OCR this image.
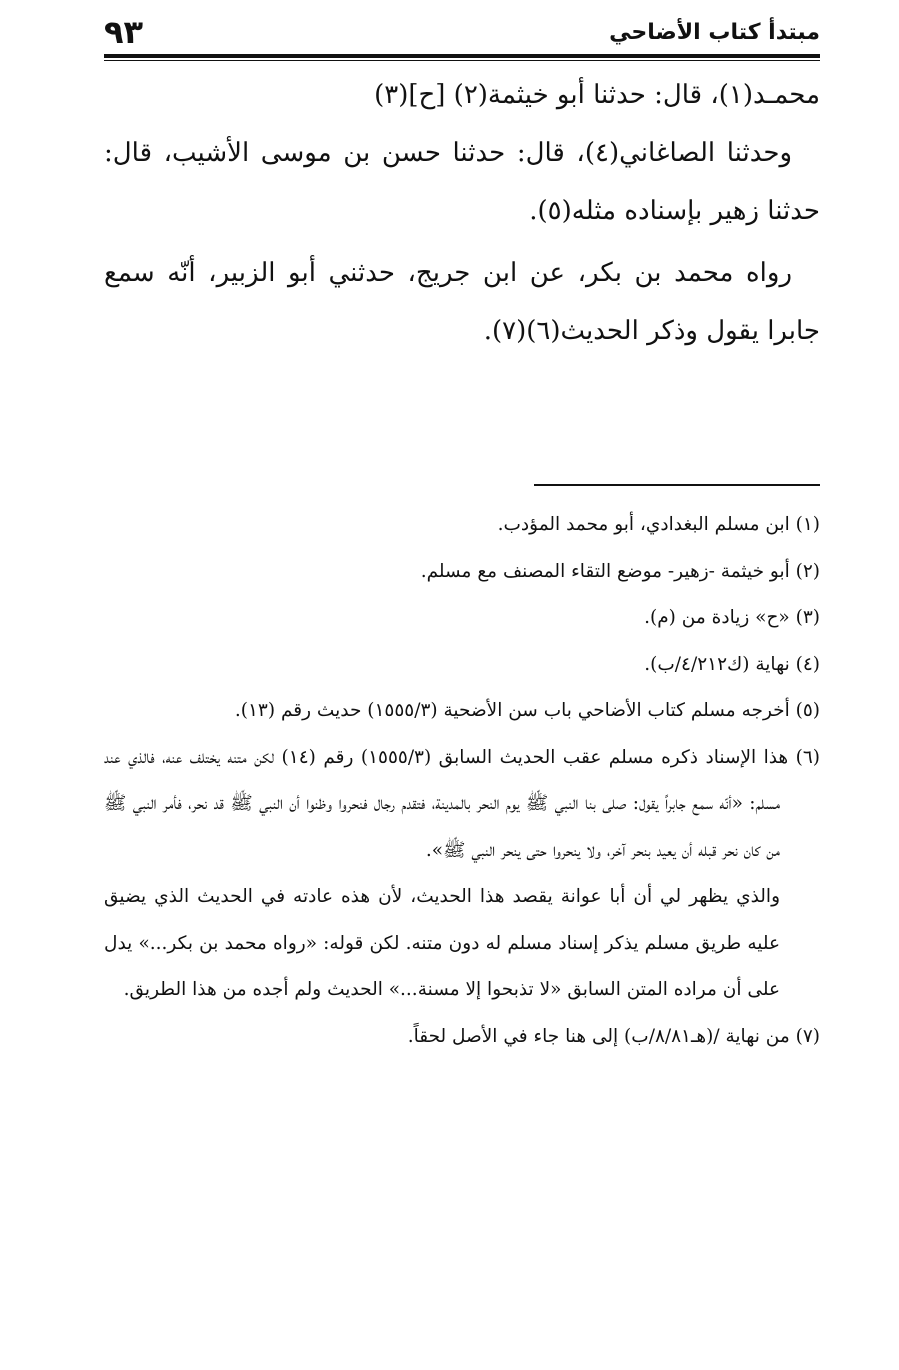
مبتدأ كتاب الأضاحي
٩٣

محمـد(١)، قال: حدثنا أبو خيثمة(٢) [ح](٣)

وحدثنا الصاغاني(٤)، قال: حدثنا حسن بن موسى الأشيب، قال: حدثنا زهير بإسناده مثله(٥).

رواه محمد بن بكر، عن ابن جريج، حدثني أبو الزبير، أنّه سمع جابرا يقول وذكر الحديث(٦)(٧).

(١) ابن مسلم البغدادي، أبو محمد المؤدب.

(٢) أبو خيثمة -زهير- موضع التقاء المصنف مع مسلم.

(٣) «ح» زيادة من (م).

(٤) نهاية (ك٤/٢١٢/ب).

(٥) أخرجه مسلم كتاب الأضاحي باب سن الأضحية (١٥٥٥/٣) حديث رقم (١٣).

(٦) هذا الإسناد ذكره مسلم عقب الحديث السابق (١٥٥٥/٣) رقم (١٤) لكن متنه يختلف عنه، فالذي عند مسلم: «أنّه سمع جابراً يقول: صلى بنا النبي ﷺ يوم النحر بالمدينة، فتقدم رجال فنحروا وظنوا أن النبي ﷺ قد نحر، فأمر النبي ﷺ من كان نحر قبله أن يعيد بنحر آخر، ولا ينحروا حتى ينحر النبي ﷺ».

والذي يظهر لي أن أبا عوانة يقصد هذا الحديث، لأن هذه عادته في الحديث الذي يضيق عليه طريق مسلم يذكر إسناد مسلم له دون متنه. لكن قوله: «رواه محمد بن بكر...» يدل على أن مراده المتن السابق «لا تذبحوا إلا مسنة...» الحديث ولم أجده من هذا الطريق.

(٧) من نهاية /(هـ٨/٨١/ب) إلى هنا جاء في الأصل لحقاً.
